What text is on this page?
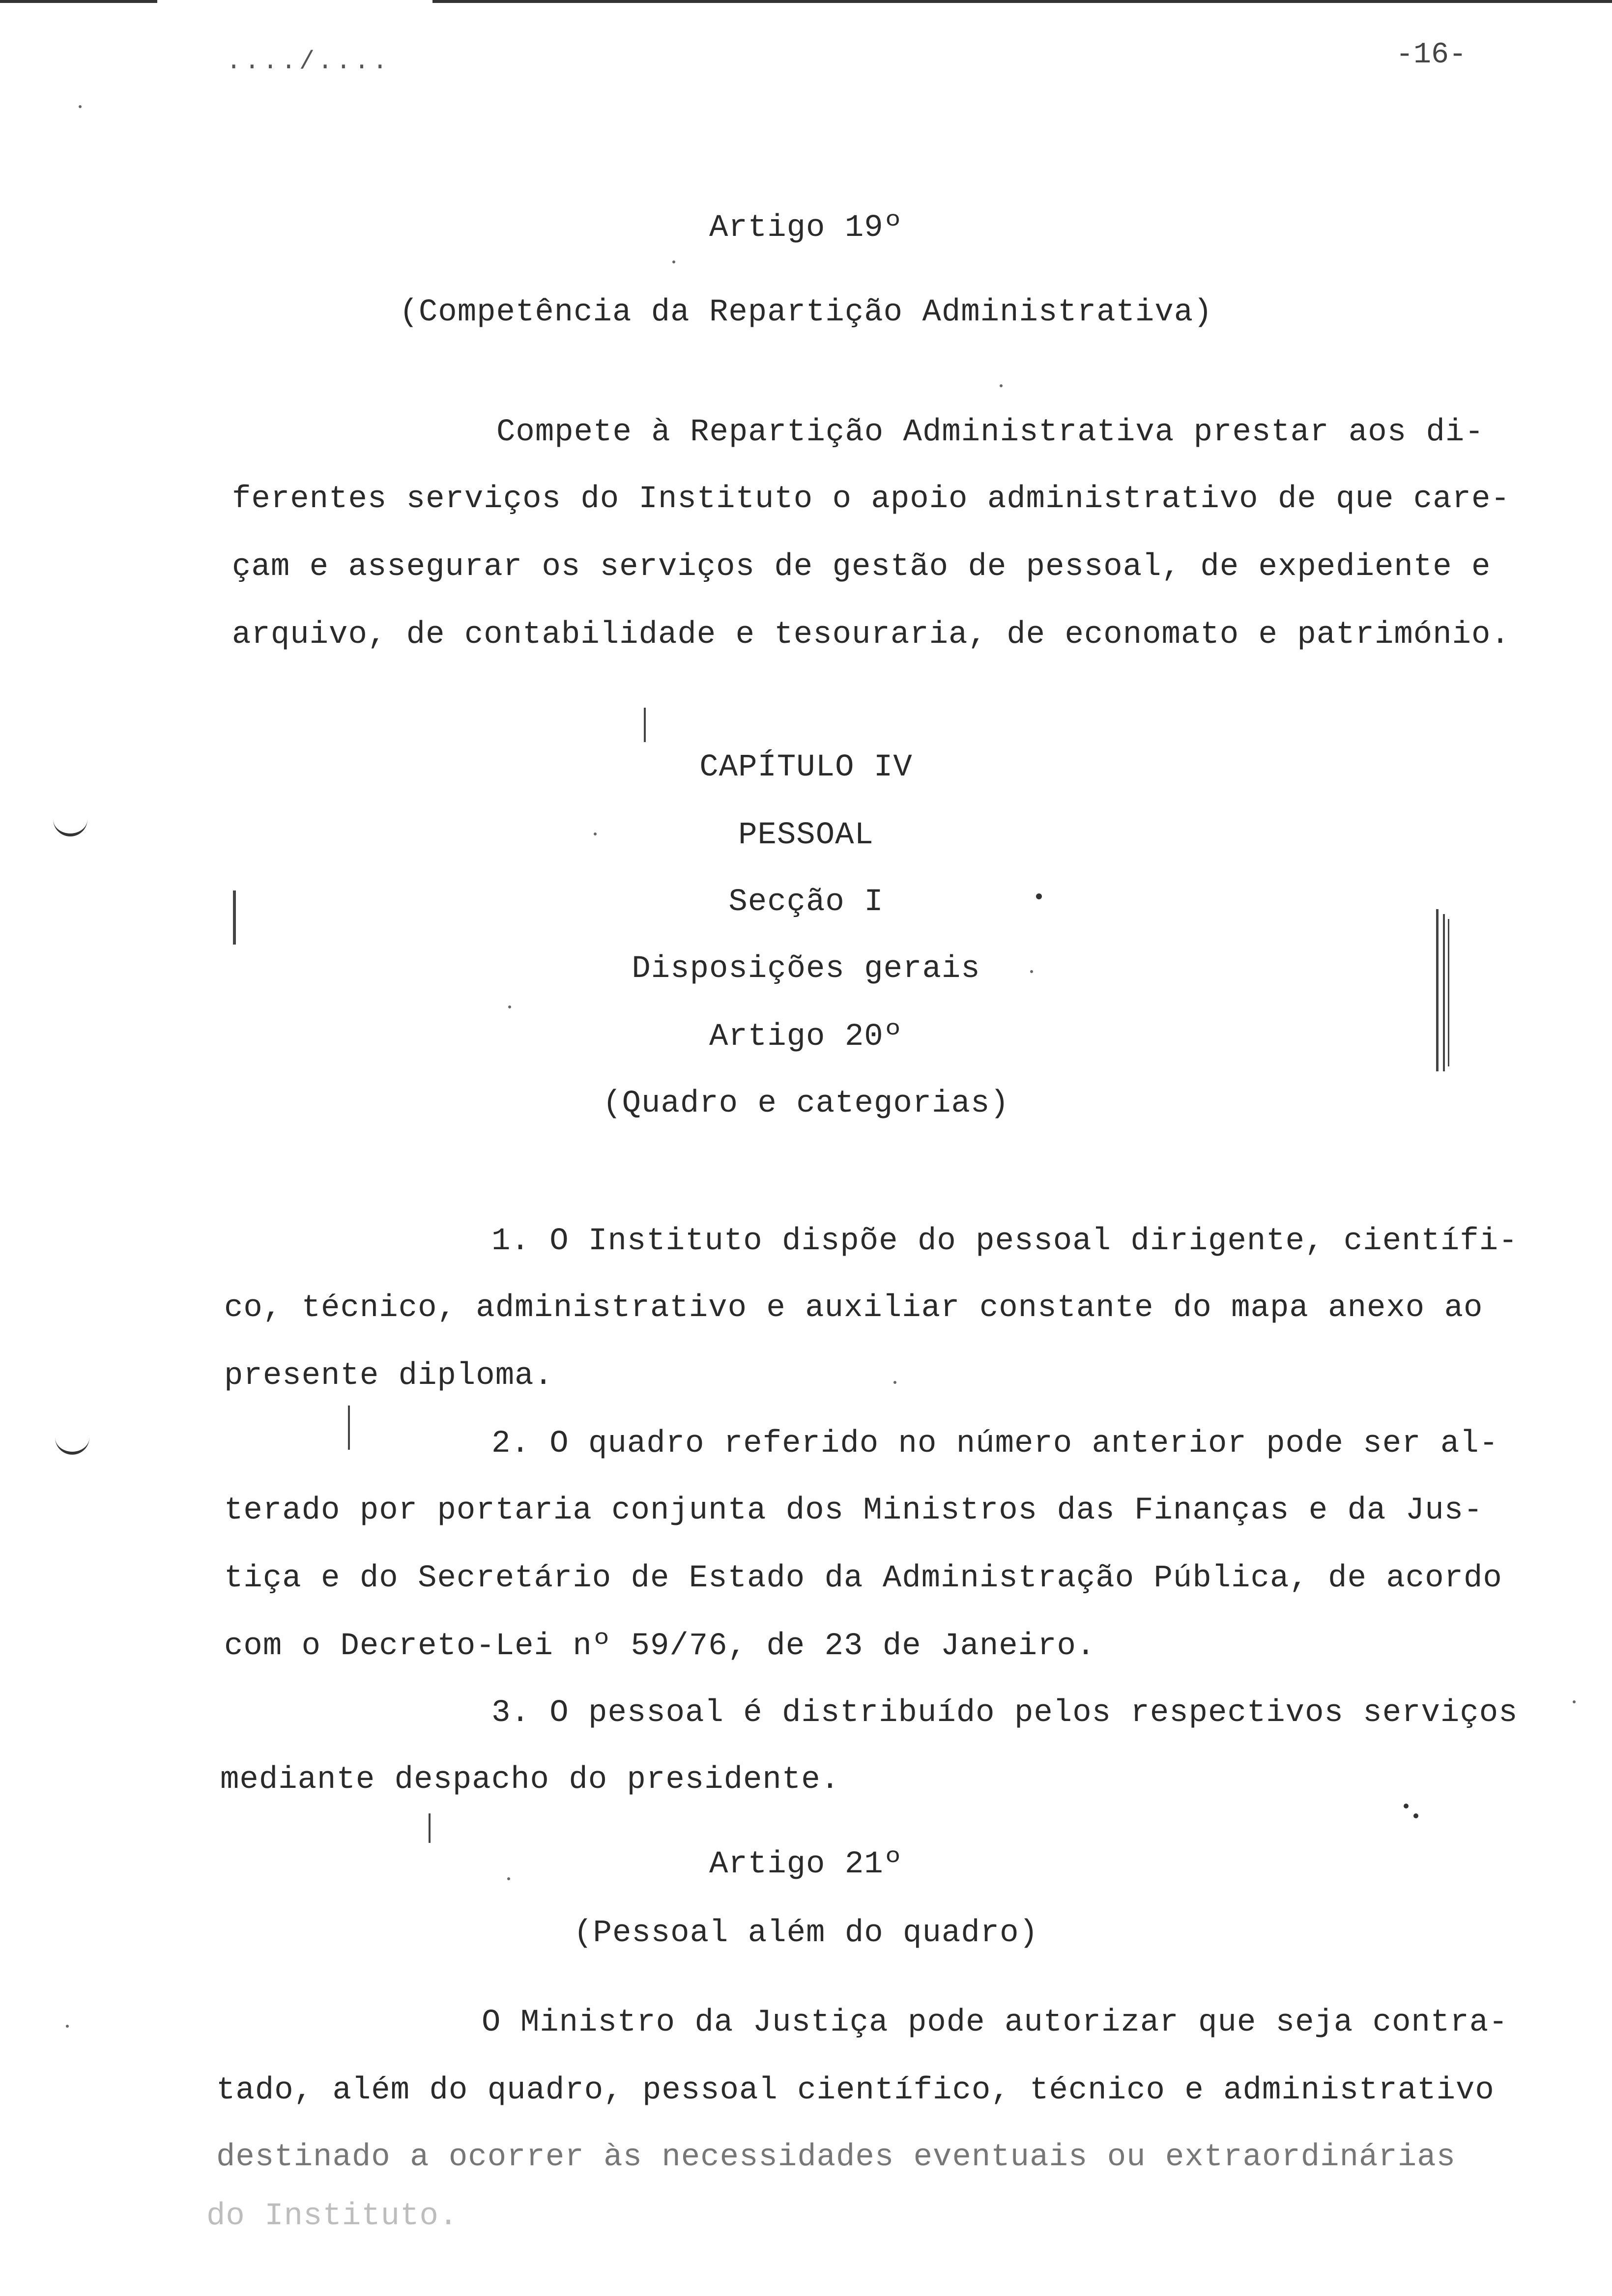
..../....	-16-
Artigo 19º
(Competência da Repartição Administrativa)
Compete à Repartição Administrativa prestar aos di-
ferentes serviços do Instituto o apoio administrativo de que care-
çam e assegurar os serviços de gestão de pessoal, de expediente e
arquivo, de contabilidade e tesouraria, de economato e património.
CAPÍTULO IV
PESSOAL
Secção I
Disposições gerais
Artigo 20º
(Quadro e categorias)
1. O Instituto dispõe do pessoal dirigente, científi-
co, técnico, administrativo e auxiliar constante do mapa anexo ao
presente diploma.
2. O quadro referido no número anterior pode ser al-
terado por portaria conjunta dos Ministros das Finanças e da Jus-
tiça e do Secretário de Estado da Administração Pública, de acordo
com o Decreto-Lei nº 59/76, de 23 de Janeiro.
3. O pessoal é distribuído pelos respectivos serviços
mediante despacho do presidente.
Artigo 21º
(Pessoal além do quadro)
O Ministro da Justiça pode autorizar que seja contra-
tado, além do quadro, pessoal científico, técnico e administrativo
destinado a ocorrer às necessidades eventuais ou extraordinárias
do Instituto.
